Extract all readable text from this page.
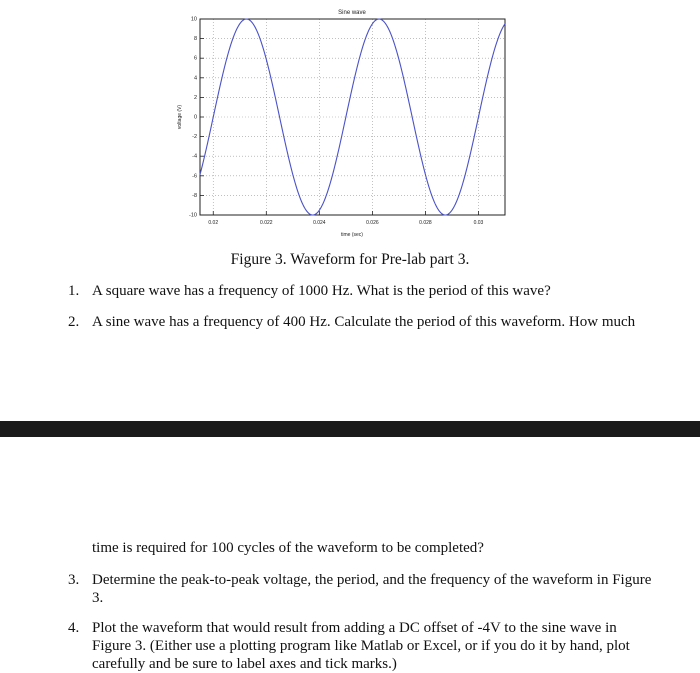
-10
-8
-6
-4
-2
0
2
4
6
8
10
0.02	0.022	0.024	0.026	0.028	0.03
Sine wave
time (sec)
voltage (V)
Figure 3. Waveform for Pre-lab part 3.
1. A square wave has a frequency of 1000 Hz. What is the period of this wave?
2. A sine wave has a frequency of 400 Hz. Calculate the period of this waveform. How much
time is required for 100 cycles of the waveform to be completed?
3. Determine the peak-to-peak voltage, the period, and the frequency of the waveform in Figure
3.
4. Plot the waveform that would result from adding a DC offset of -4V to the sine wave in
Figure 3. (Either use a plotting program like Matlab or Excel, or if you do it by hand, plot
carefully and be sure to label axes and tick marks.)
